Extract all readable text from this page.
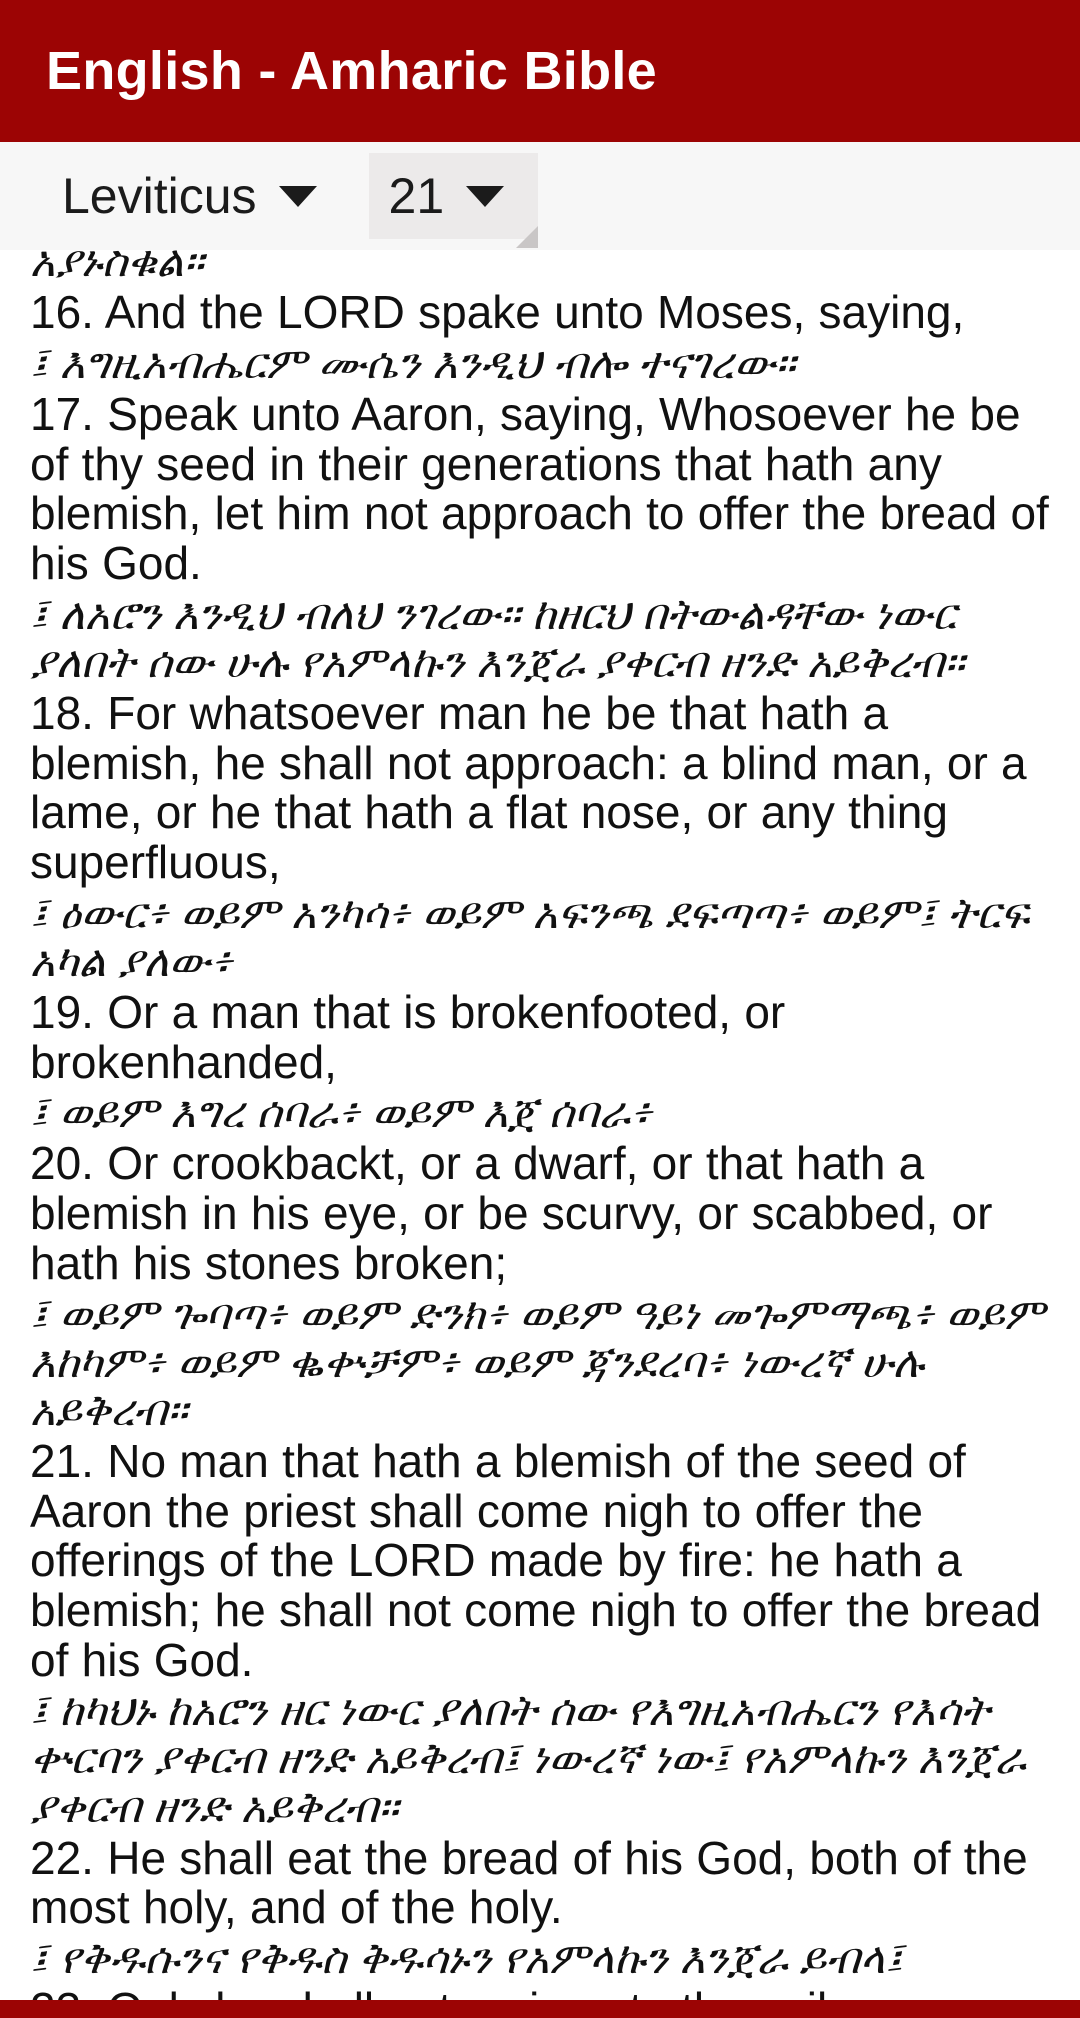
English - Amharic Bible
Leviticus	21
አያኑስቁል።
16. And the LORD spake unto Moses, saying,
፤ እግዚአብሔርም ሙሴን እንዲህ ብሎ ተናገረው።
17. Speak unto Aaron, saying, Whosoever he be of thy seed in their generations that hath any blemish, let him not approach to offer the bread of his God.
፤ ለአሮን እንዲህ ብለህ ንገረው። ከዘርህ በትውልዳቸው ነውር ያለበት ሰው ሁሉ የአምላኩን እንጀራ ያቀርብ ዘንድ አይቅረብ።
18. For whatsoever man he be that hath a blemish, he shall not approach: a blind man, or a lame, or he that hath a flat nose, or any thing superfluous,
፤ ዕውር፥ ወይም አንካሳ፥ ወይም አፍንጫ ደፍጣጣ፥ ወይም፤ ትርፍ አካል ያለው፥
19. Or a man that is brokenfooted, or brokenhanded,
፤ ወይም እግረ ሰባራ፥ ወይም እጀ ሰባራ፥
20. Or crookbackt, or a dwarf, or that hath a blemish in his eye, or be scurvy, or scabbed, or hath his stones broken;
፤ ወይም ጐባጣ፥ ወይም ድንክ፥ ወይም ዓይነ መጐምማጫ፥ ወይም እከካም፥ ወይም ቈቍቻም፥ ወይም ጃንደረባ፥ ነውረኛ ሁሉ አይቅረብ።
21. No man that hath a blemish of the seed of Aaron the priest shall come nigh to offer the offerings of the LORD made by fire: he hath a blemish; he shall not come nigh to offer the bread of his God.
፤ ከካህኑ ከአሮን ዘር ነውር ያለበት ሰው የእግዚአብሔርን የእሳት ቍርባን ያቀርብ ዘንድ አይቅረብ፤ ነውረኛ ነው፤ የአምላኩን እንጀራ ያቀርብ ዘንድ አይቅረብ።
22. He shall eat the bread of his God, both of the most holy, and of the holy.
፤ የቅዱሱንና የቅዱስ ቅዱሳኑን የአምላኩን እንጀራ ይብላ፤
